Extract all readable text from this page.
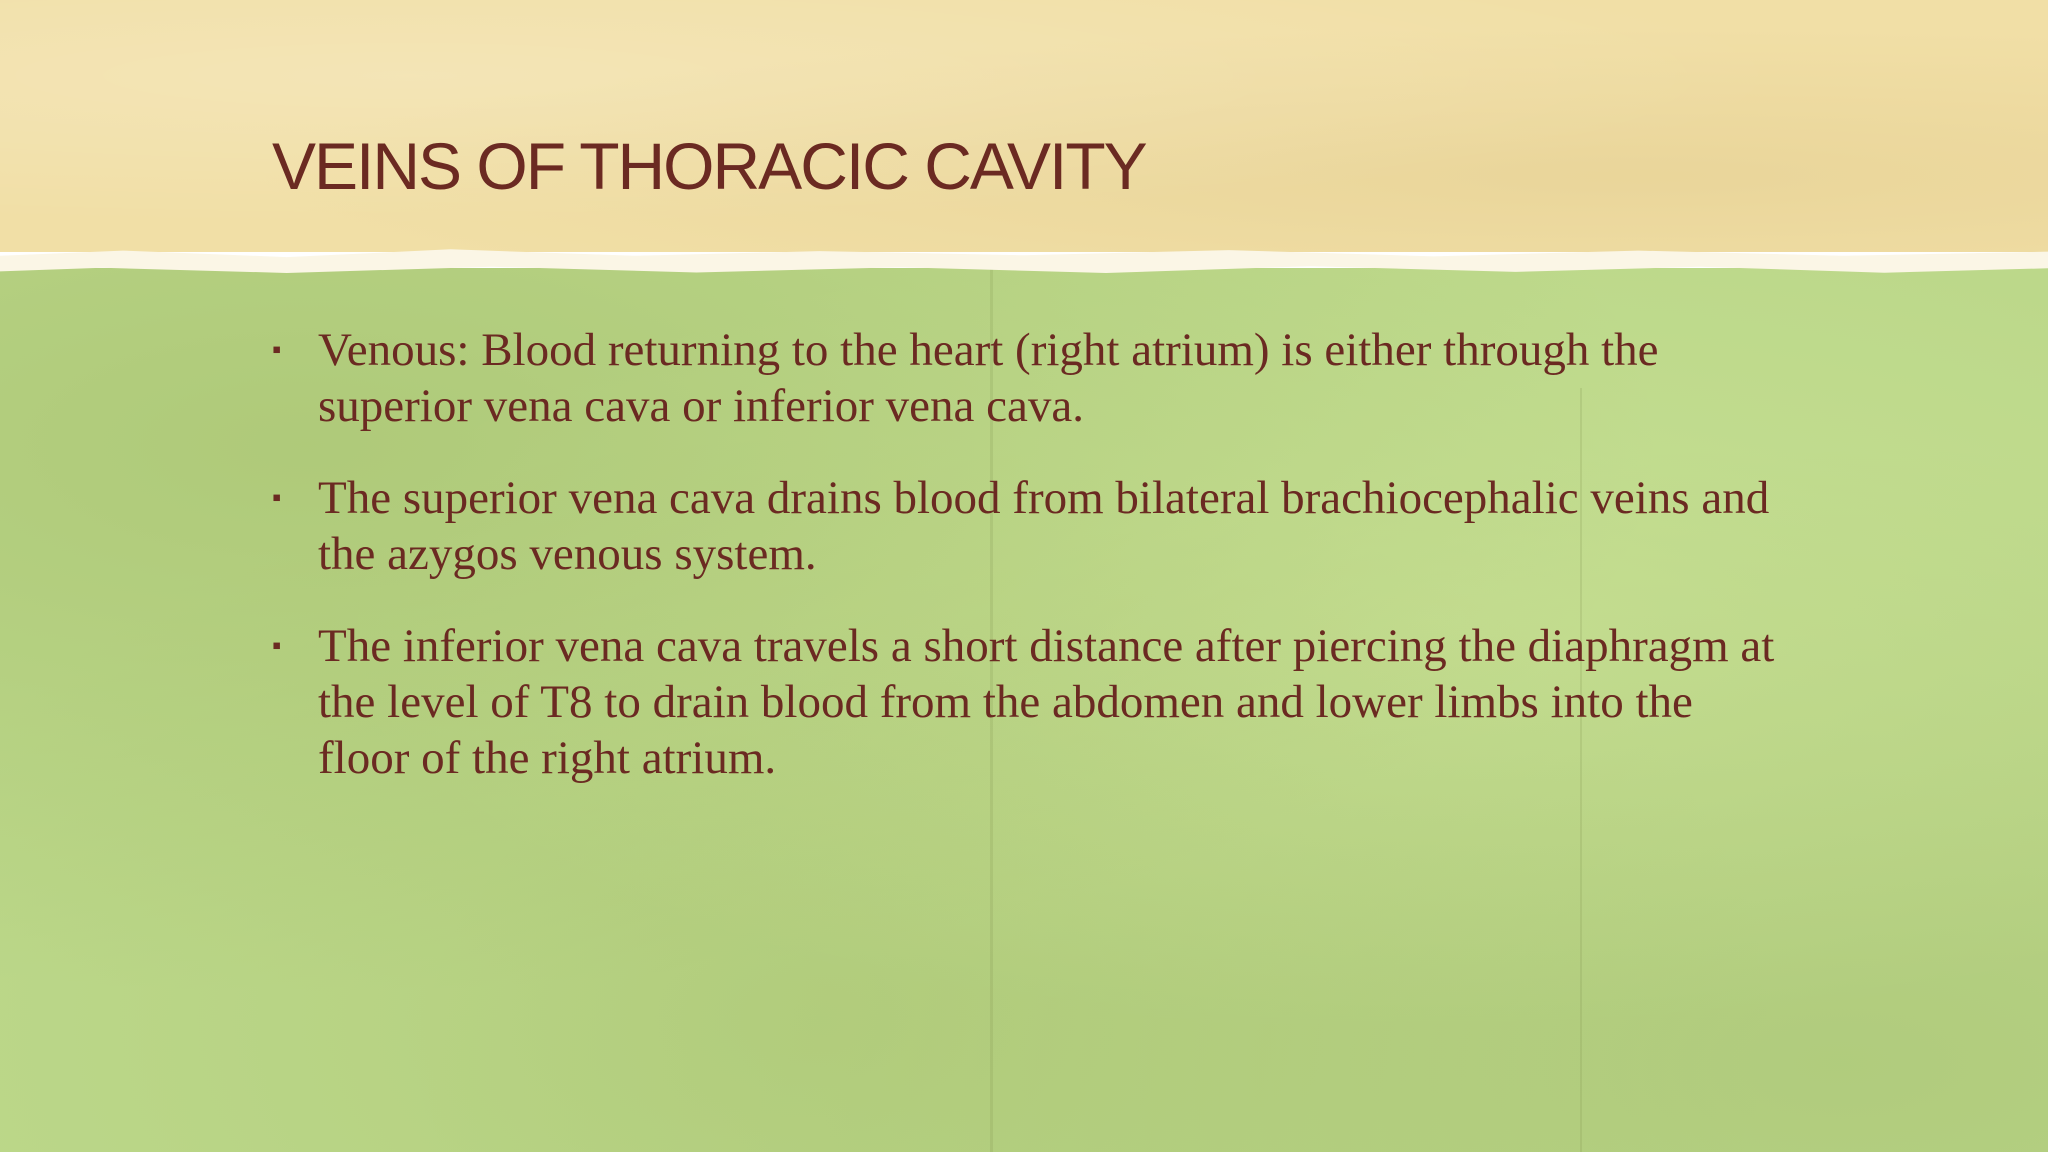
VEINS OF THORACIC CAVITY
▪ Venous: Blood returning to the heart (right atrium) is either through the superior vena cava or inferior vena cava.
▪ The superior vena cava drains blood from bilateral brachiocephalic veins and the azygos venous system.
▪ The inferior vena cava travels a short distance after piercing the diaphragm at the level of T8 to drain blood from the abdomen and lower limbs into the floor of the right atrium.
